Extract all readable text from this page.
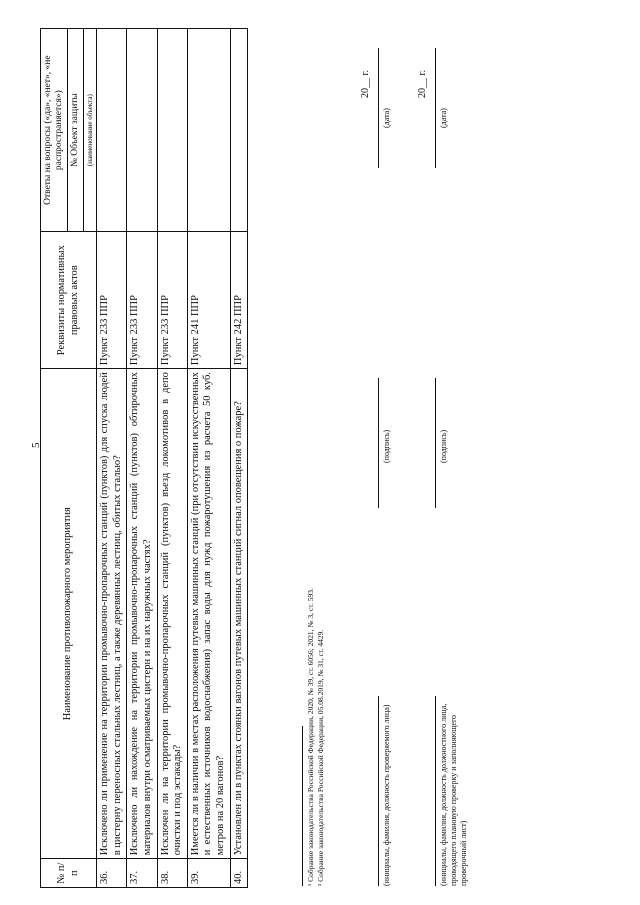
5
№ п/п	Наименование противопожарного мероприятия	Реквизиты нормативных правовых актов	Ответы на вопросы («да», «нет», «не распространяется»)
			№ Объект защиты
			(наименование объекта)
36.	Исключено ли применение на территории промывочно-пропарочных станций (пунктов) для спуска людей в цистерну переносных стальных лестниц, а также деревянных лестниц, обитых сталью?	Пункт 233 ППР	
37.	Исключено ли нахождение на территории промывочно-пропарочных станций (пунктов) обтирочных материалов внутри осматриваемых цистерн и на их наружных частях?	Пункт 233 ППР	
38.	Исключен ли на территории промывочно-пропарочных станций (пунктов) въезд локомотивов в депо очистки и под эстакады?	Пункт 233 ППР	
39.	Имеется ли в наличии в местах расположения путевых машинных станций (при отсутствии искусственных и естественных источников водоснабжения) запас воды для нужд пожаротушения из расчета 50 куб. метров на 20 вагонов?	Пункт 241 ППР	
40.	Установлен ли в пунктах стоянки вагонов путевых машинных станций сигнал оповещения о пожаре?	Пункт 242 ППР	
¹ Собрание законодательства Российской Федерации, 2020, № 39, ст. 6056; 2021, № 3, ст. 593. ² Собрание законодательства Российской Федерации, 05.08.2019, № 31, ст. 4429.	(инициалы, фамилия, должность проверяемого лица)
(подпись)
(дата)
20__ г.
(инициалы, фамилия, должность должностного лица, проводящего плановую проверку и заполняющего проверочный лист)
(подпись)
(дата)
20__ г.
